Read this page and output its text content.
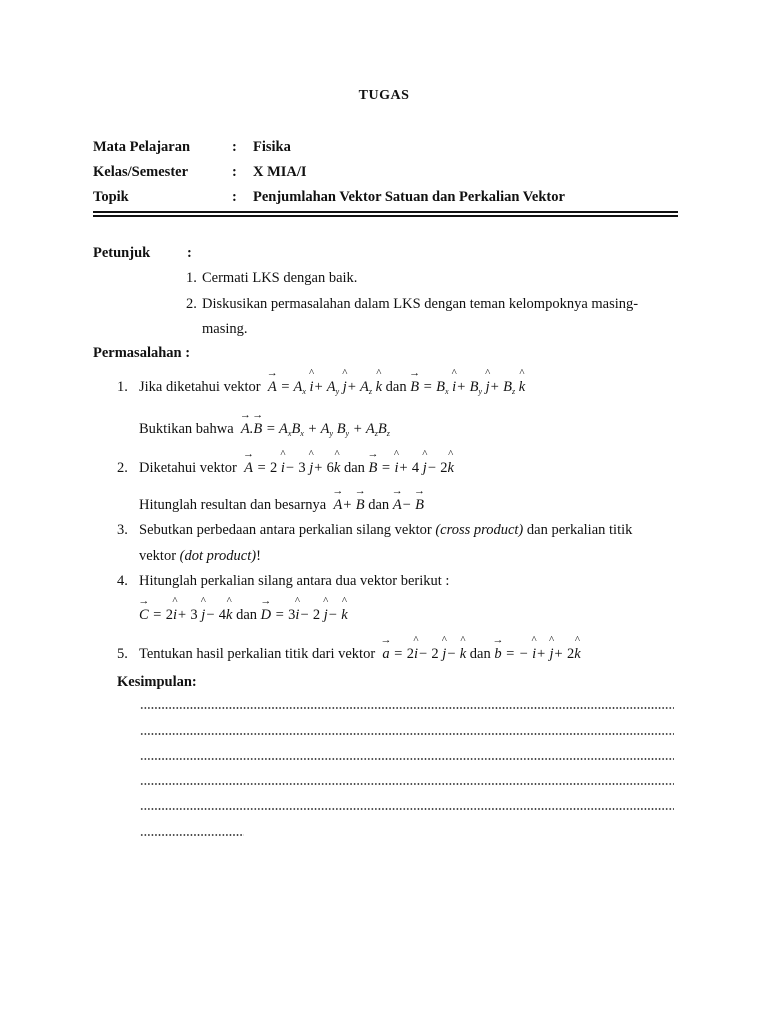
TUGAS
Mata Pelajaran	: Fisika
Kelas/Semester	: X MIA/I
Topik	: Penjumlahan Vektor Satuan dan Perkalian Vektor
Petunjuk	:
1. Cermati LKS dengan baik.
2. Diskusikan permasalahan dalam LKS dengan teman kelompoknya masing-
masing.
Permasalahan :
1. Jika diketahui vektor → $A = A_x$ ^ $i+ A_y$ ^ $j+ A_z$ ^ k dan → $B = B_x$ ^ $i+ B_y$ ^ $j+ B_z$ ^ k
Buktikan bahwa → $A.\to B = A_xB_x + A_y$ $B_y + A_zB_z$
2. Diketahui vektor → A = 2 ^ i− 3 ^ j+ 6^ k dan → B = ^ i+ 4 ^ j− 2^ k
Hitunglah resultan dan besarnya → A+ → B dan → A− → B
3. Sebutkan perbedaan antara perkalian silang vektor (cross product) dan perkalian titik
vektor (dot product)!
4. Hitunglah perkalian silang antara dua vektor berikut :
→ C = 2^ i+ 3 ^ j− 4^ k dan → D = 3^ i− 2 ^ j− ^ k
5. Tentukan hasil perkalian titik dari vektor → a = 2^ i− 2 ^ j− ^ k dan → b = − ^ i+ ^ j+ 2^ k
Kesimpulan:
